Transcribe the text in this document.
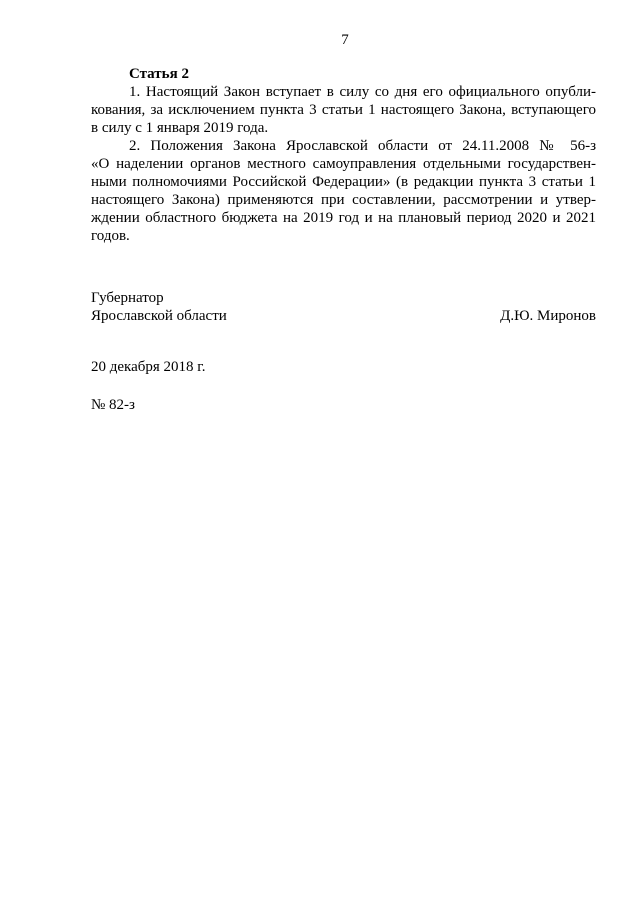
7

Статья 2

1. Настоящий Закон вступает в силу со дня его официального опубли-
кования, за исключением пункта 3 статьи 1 настоящего Закона, вступающего
в силу с 1 января 2019 года.
2. Положения Закона Ярославской области от 24.11.2008 № 56-з
«О наделении органов местного самоуправления отдельными государствен-
ными полномочиями Российской Федерации» (в редакции пункта 3 статьи 1
настоящего Закона) применяются при составлении, рассмотрении и утвер-
ждении областного бюджета на 2019 год и на плановый период 2020 и 2021
годов.
Губернатор
Ярославской области	Д.Ю. Миронов
20 декабря 2018 г.
№ 82-з
